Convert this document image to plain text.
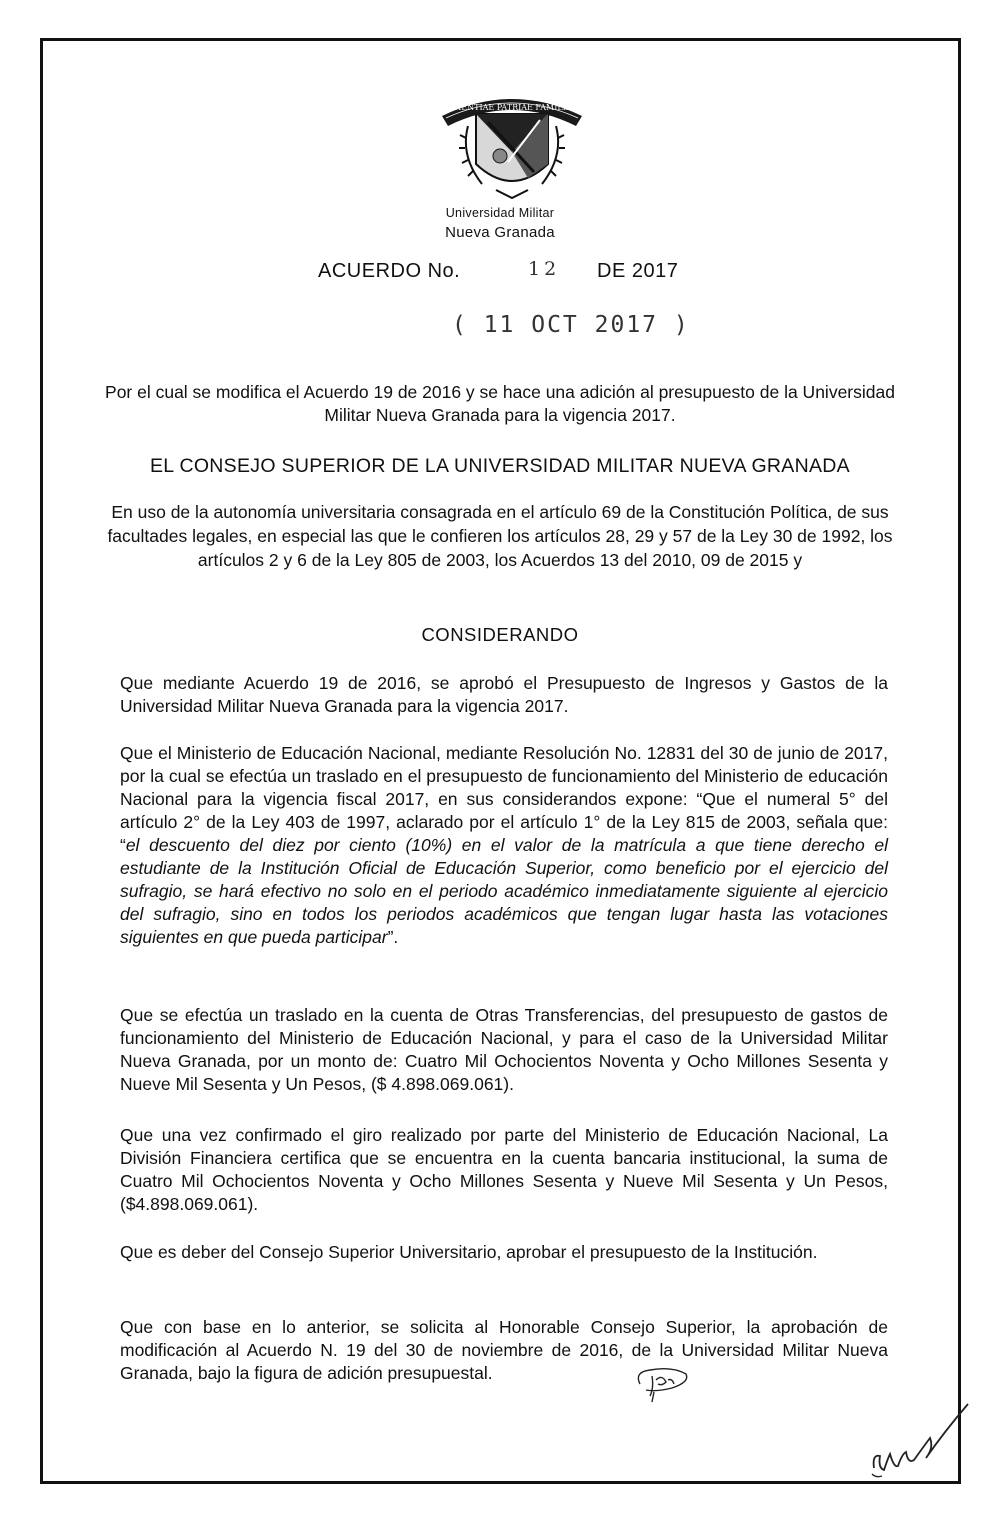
SCIENTIAE PATRIAE FAMILIAE
Universidad Militar
Nueva Granada
ACUERDO No.	12 DE 2017
( 11 OCT 2017 )
Por el cual se modifica el Acuerdo 19 de 2016 y se hace una adición al presupuesto de la Universidad Militar Nueva Granada para la vigencia 2017.
EL CONSEJO SUPERIOR DE LA UNIVERSIDAD MILITAR NUEVA GRANADA
En uso de la autonomía universitaria consagrada en el artículo 69 de la Constitución Política, de sus facultades legales, en especial las que le confieren los artículos 28, 29 y 57 de la Ley 30 de 1992, los artículos 2 y 6 de la Ley 805 de 2003, los Acuerdos 13 del 2010, 09 de 2015 y
CONSIDERANDO
Que mediante Acuerdo 19 de 2016, se aprobó el Presupuesto de Ingresos y Gastos de la Universidad Militar Nueva Granada para la vigencia 2017.
Que el Ministerio de Educación Nacional, mediante Resolución No. 12831 del 30 de junio de 2017, por la cual se efectúa un traslado en el presupuesto de funcionamiento del Ministerio de educación Nacional para la vigencia fiscal 2017, en sus considerandos expone: “Que el numeral 5° del artículo 2° de la Ley 403 de 1997, aclarado por el artículo 1° de la Ley 815 de 2003, señala que: “el descuento del diez por ciento (10%) en el valor de la matrícula a que tiene derecho el estudiante de la Institución Oficial de Educación Superior, como beneficio por el ejercicio del sufragio, se hará efectivo no solo en el periodo académico inmediatamente siguiente al ejercicio del sufragio, sino en todos los periodos académicos que tengan lugar hasta las votaciones siguientes en que pueda participar”.
Que se efectúa un traslado en la cuenta de Otras Transferencias, del presupuesto de gastos de funcionamiento del Ministerio de Educación Nacional, y para el caso de la Universidad Militar Nueva Granada, por un monto de: Cuatro Mil Ochocientos Noventa y Ocho Millones Sesenta y Nueve Mil Sesenta y Un Pesos, ($ 4.898.069.061).
Que una vez confirmado el giro realizado por parte del Ministerio de Educación Nacional, La División Financiera certifica que se encuentra en la cuenta bancaria institucional, la suma de Cuatro Mil Ochocientos Noventa y Ocho Millones Sesenta y Nueve Mil Sesenta y Un Pesos, ($4.898.069.061).
Que es deber del Consejo Superior Universitario, aprobar el presupuesto de la Institución.
Que con base en lo anterior, se solicita al Honorable Consejo Superior, la aprobación de modificación al Acuerdo N. 19 del 30 de noviembre de 2016, de la Universidad Militar Nueva Granada, bajo la figura de adición presupuestal.
